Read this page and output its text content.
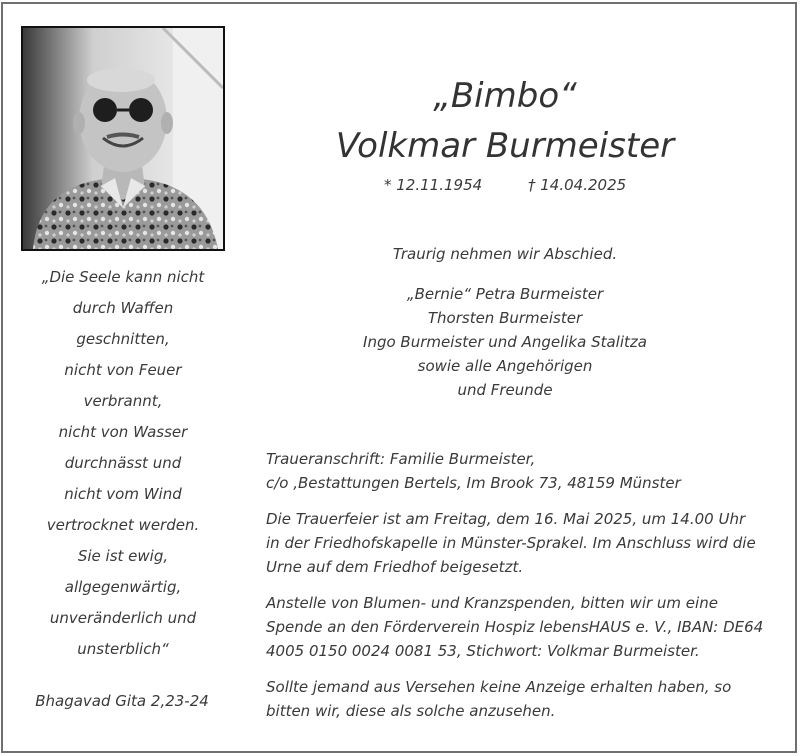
„Die Seele kann nicht
durch Waffen
geschnitten,
nicht von Feuer
verbrannt,
nicht von Wasser
durchnässt und
nicht vom Wind
vertrocknet werden.
Sie ist ewig,
allgegenwärtig,
unveränderlich und
unsterblich“
Bhagavad Gita 2,23-24
„Bimbo“
Volkmar Burmeister
* 12.11.1954	† 14.04.2025
Traurig nehmen wir Abschied.
„Bernie“ Petra Burmeister
Thorsten Burmeister
Ingo Burmeister und Angelika Stalitza
sowie alle Angehörigen
und Freunde
Traueranschrift: Familie Burmeister,
c/o ‚Bestattungen Bertels, Im Brook 73, 48159 Münster
Die Trauerfeier ist am Freitag, dem 16. Mai 2025, um 14.00 Uhr
in der Friedhofskapelle in Münster-Sprakel. Im Anschluss wird die
Urne auf dem Friedhof beigesetzt.
Anstelle von Blumen- und Kranzspenden, bitten wir um eine
Spende an den Förderverein Hospiz lebensHAUS e. V., IBAN: DE64
4005 0150 0024 0081 53, Stichwort: Volkmar Burmeister.
Sollte jemand aus Versehen keine Anzeige erhalten haben, so
bitten wir, diese als solche anzusehen.
